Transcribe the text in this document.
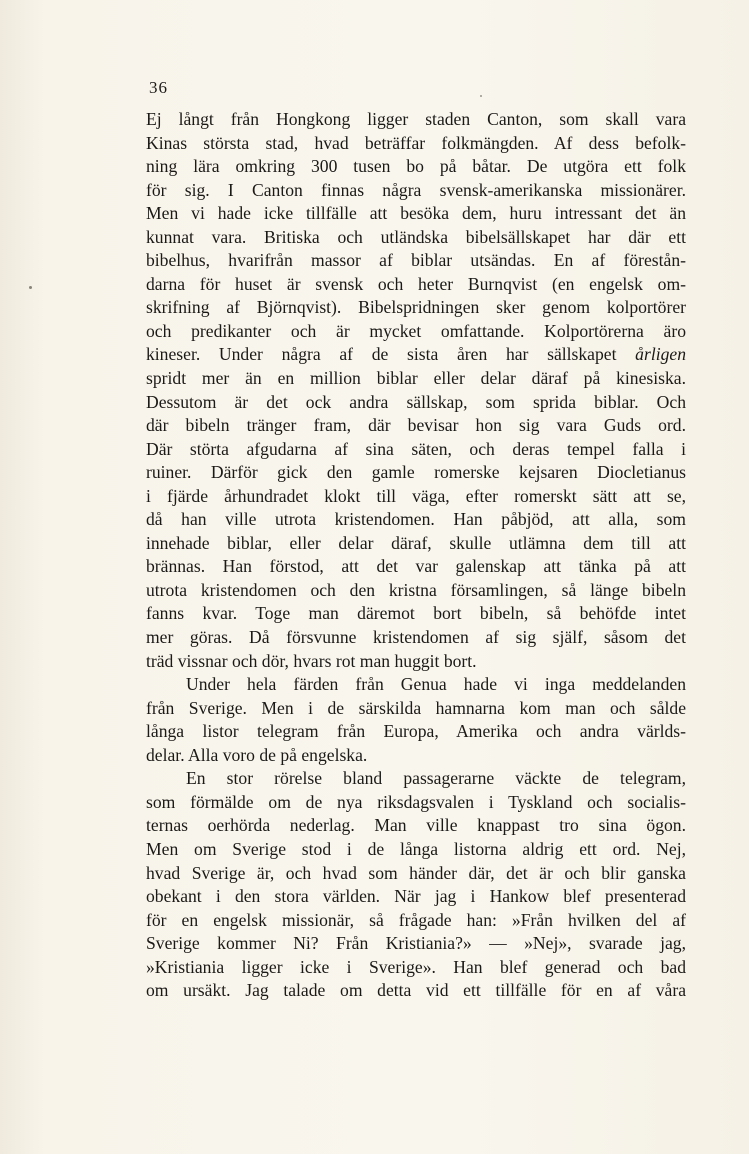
36
Ej långt från Hongkong ligger staden Canton, som skall vara
Kinas största stad, hvad beträffar folkmängden. Af dess befolk-
ning lära omkring 300 tusen bo på båtar. De utgöra ett folk
för sig. I Canton finnas några svensk-amerikanska missionärer.
Men vi hade icke tillfälle att besöka dem, huru intressant det än
kunnat vara. Britiska och utländska bibelsällskapet har där ett
bibelhus, hvarifrån massor af biblar utsändas. En af förestån-
darna för huset är svensk och heter Burnqvist (en engelsk om-
skrifning af Björnqvist). Bibelspridningen sker genom kolportörer
och predikanter och är mycket omfattande. Kolportörerna äro
kineser. Under några af de sista åren har sällskapet årligen
spridt mer än en million biblar eller delar däraf på kinesiska.
Dessutom är det ock andra sällskap, som sprida biblar. Och
där bibeln tränger fram, där bevisar hon sig vara Guds ord.
Där störta afgudarna af sina säten, och deras tempel falla i
ruiner. Därför gick den gamle romerske kejsaren Diocletianus
i fjärde århundradet klokt till väga, efter romerskt sätt att se,
då han ville utrota kristendomen. Han påbjöd, att alla, som
innehade biblar, eller delar däraf, skulle utlämna dem till att
brännas. Han förstod, att det var galenskap att tänka på att
utrota kristendomen och den kristna församlingen, så länge bibeln
fanns kvar. Toge man däremot bort bibeln, så behöfde intet
mer göras. Då försvunne kristendomen af sig själf, såsom det
träd vissnar och dör, hvars rot man huggit bort.
Under hela färden från Genua hade vi inga meddelanden
från Sverige. Men i de särskilda hamnarna kom man och sålde
långa listor telegram från Europa, Amerika och andra världs-
delar. Alla voro de på engelska.
En stor rörelse bland passagerarne väckte de telegram,
som förmälde om de nya riksdagsvalen i Tyskland och socialis-
ternas oerhörda nederlag. Man ville knappast tro sina ögon.
Men om Sverige stod i de långa listorna aldrig ett ord. Nej,
hvad Sverige är, och hvad som händer där, det är och blir ganska
obekant i den stora världen. När jag i Hankow blef presenterad
för en engelsk missionär, så frågade han: »Från hvilken del af
Sverige kommer Ni? Från Kristiania?» — »Nej», svarade jag,
»Kristiania ligger icke i Sverige». Han blef generad och bad
om ursäkt. Jag talade om detta vid ett tillfälle för en af våra
